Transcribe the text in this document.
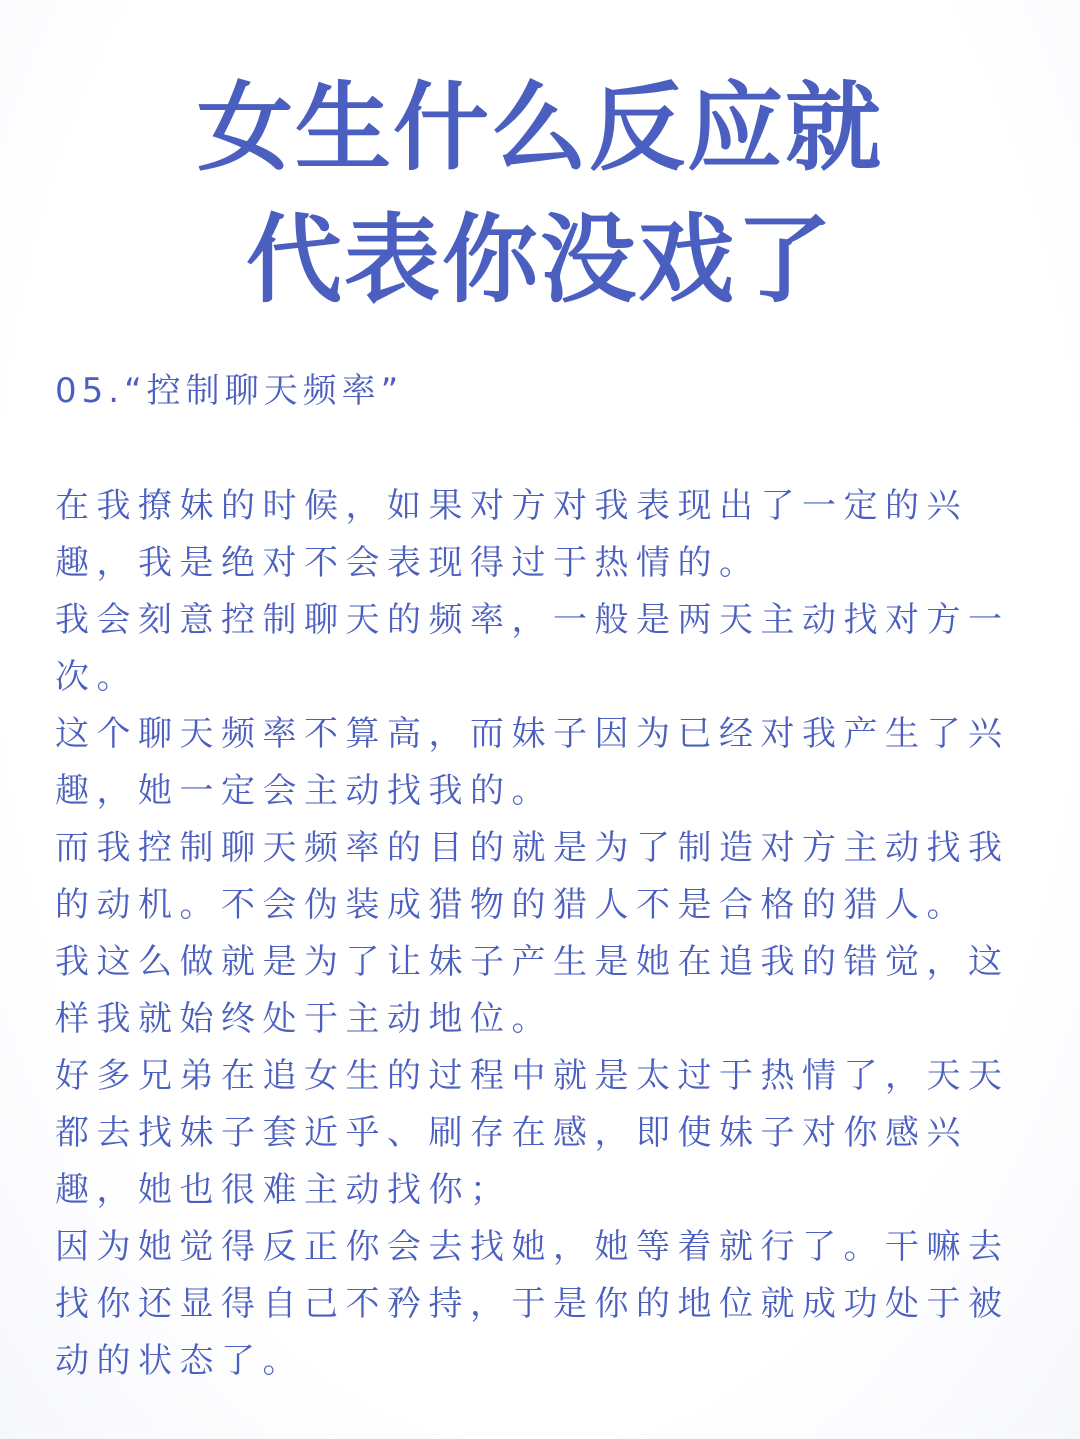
女生什么反应就
代表你没戏了
05.“控制聊天频率”
在我撩妹的时候，如果对方对我表现出了一定的兴
趣，我是绝对不会表现得过于热情的。
我会刻意控制聊天的频率，一般是两天主动找对方一
次。
这个聊天频率不算高，而妹子因为已经对我产生了兴
趣，她一定会主动找我的。
而我控制聊天频率的目的就是为了制造对方主动找我
的动机。不会伪装成猎物的猎人不是合格的猎人。
我这么做就是为了让妹子产生是她在追我的错觉，这
样我就始终处于主动地位。
好多兄弟在追女生的过程中就是太过于热情了，天天
都去找妹子套近乎、刷存在感，即使妹子对你感兴
趣，她也很难主动找你；
因为她觉得反正你会去找她，她等着就行了。干嘛去
找你还显得自己不矜持，于是你的地位就成功处于被
动的状态了。
